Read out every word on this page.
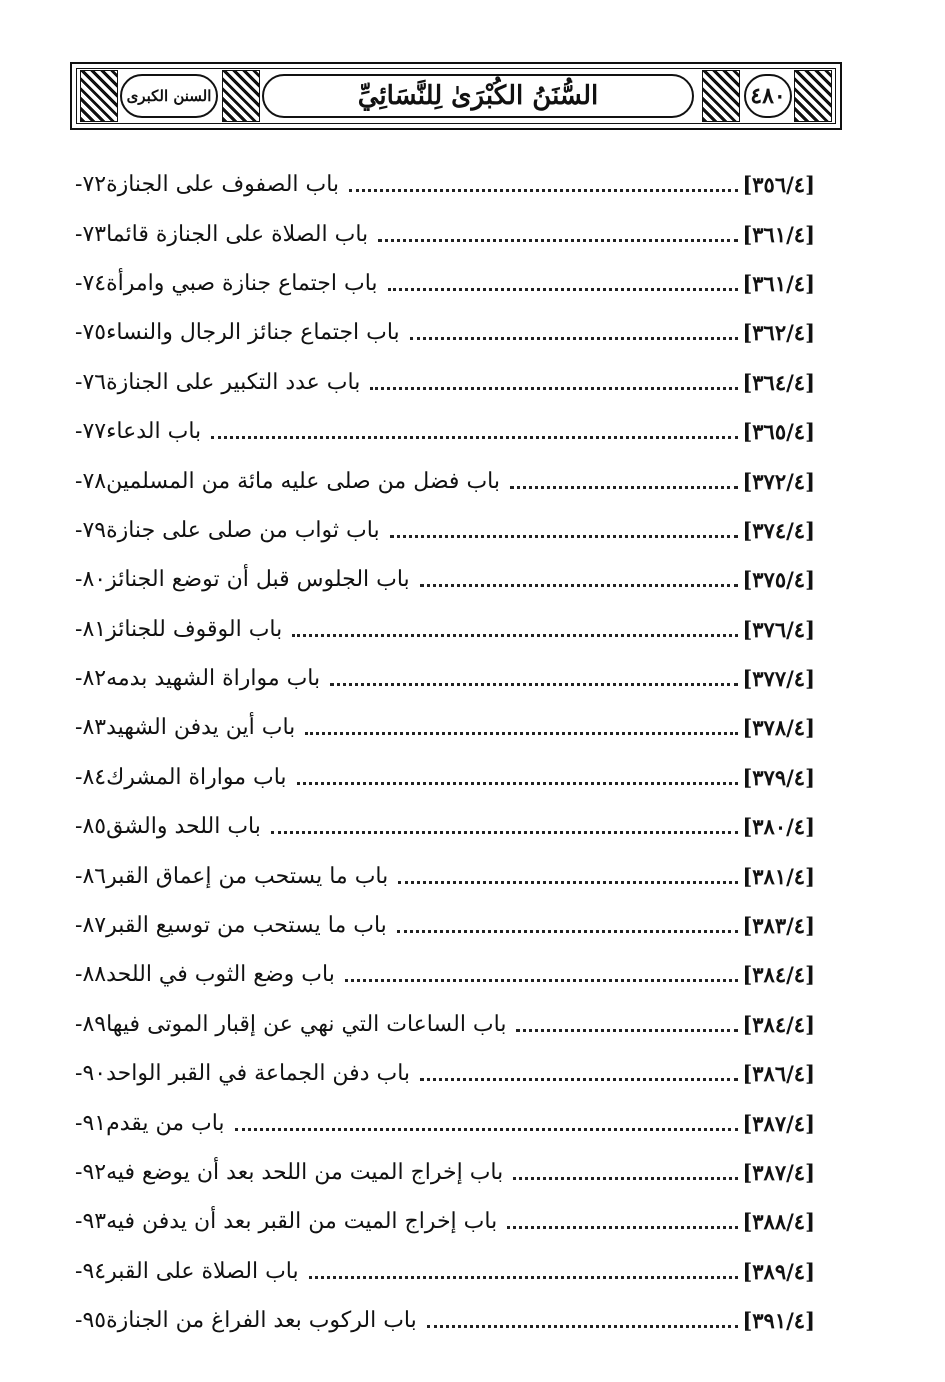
السنن الكبرى	السُّنَنُ الكُبْرَىٰ لِلنَّسَائِيِّ	٤٨٠
٧٢- باب الصفوف على الجنازة	[٣٥٦/٤]
٧٣- باب الصلاة على الجنازة قائما	[٣٦١/٤]
٧٤- باب اجتماع جنازة صبي وامرأة	[٣٦١/٤]
٧٥- باب اجتماع جنائز الرجال والنساء	[٣٦٢/٤]
٧٦- باب عدد التكبير على الجنازة	[٣٦٤/٤]
٧٧- باب الدعاء	[٣٦٥/٤]
٧٨- باب فضل من صلى عليه مائة من المسلمين	[٣٧٢/٤]
٧٩- باب ثواب من صلى على جنازة	[٣٧٤/٤]
٨٠- باب الجلوس قبل أن توضع الجنائز	[٣٧٥/٤]
٨١- باب الوقوف للجنائز	[٣٧٦/٤]
٨٢- باب مواراة الشهيد بدمه	[٣٧٧/٤]
٨٣- باب أين يدفن الشهيد	[٣٧٨/٤]
٨٤- باب مواراة المشرك	[٣٧٩/٤]
٨٥- باب اللحد والشق	[٣٨٠/٤]
٨٦- باب ما يستحب من إعماق القبر	[٣٨١/٤]
٨٧- باب ما يستحب من توسيع القبر	[٣٨٣/٤]
٨٨- باب وضع الثوب في اللحد	[٣٨٤/٤]
٨٩- باب الساعات التي نهي عن إقبار الموتى فيها	[٣٨٤/٤]
٩٠- باب دفن الجماعة في القبر الواحد	[٣٨٦/٤]
٩١- باب من يقدم	[٣٨٧/٤]
٩٢- باب إخراج الميت من اللحد بعد أن يوضع فيه	[٣٨٧/٤]
٩٣- باب إخراج الميت من القبر بعد أن يدفن فيه	[٣٨٨/٤]
٩٤- باب الصلاة على القبر	[٣٨٩/٤]
٩٥- باب الركوب بعد الفراغ من الجنازة	[٣٩١/٤]
